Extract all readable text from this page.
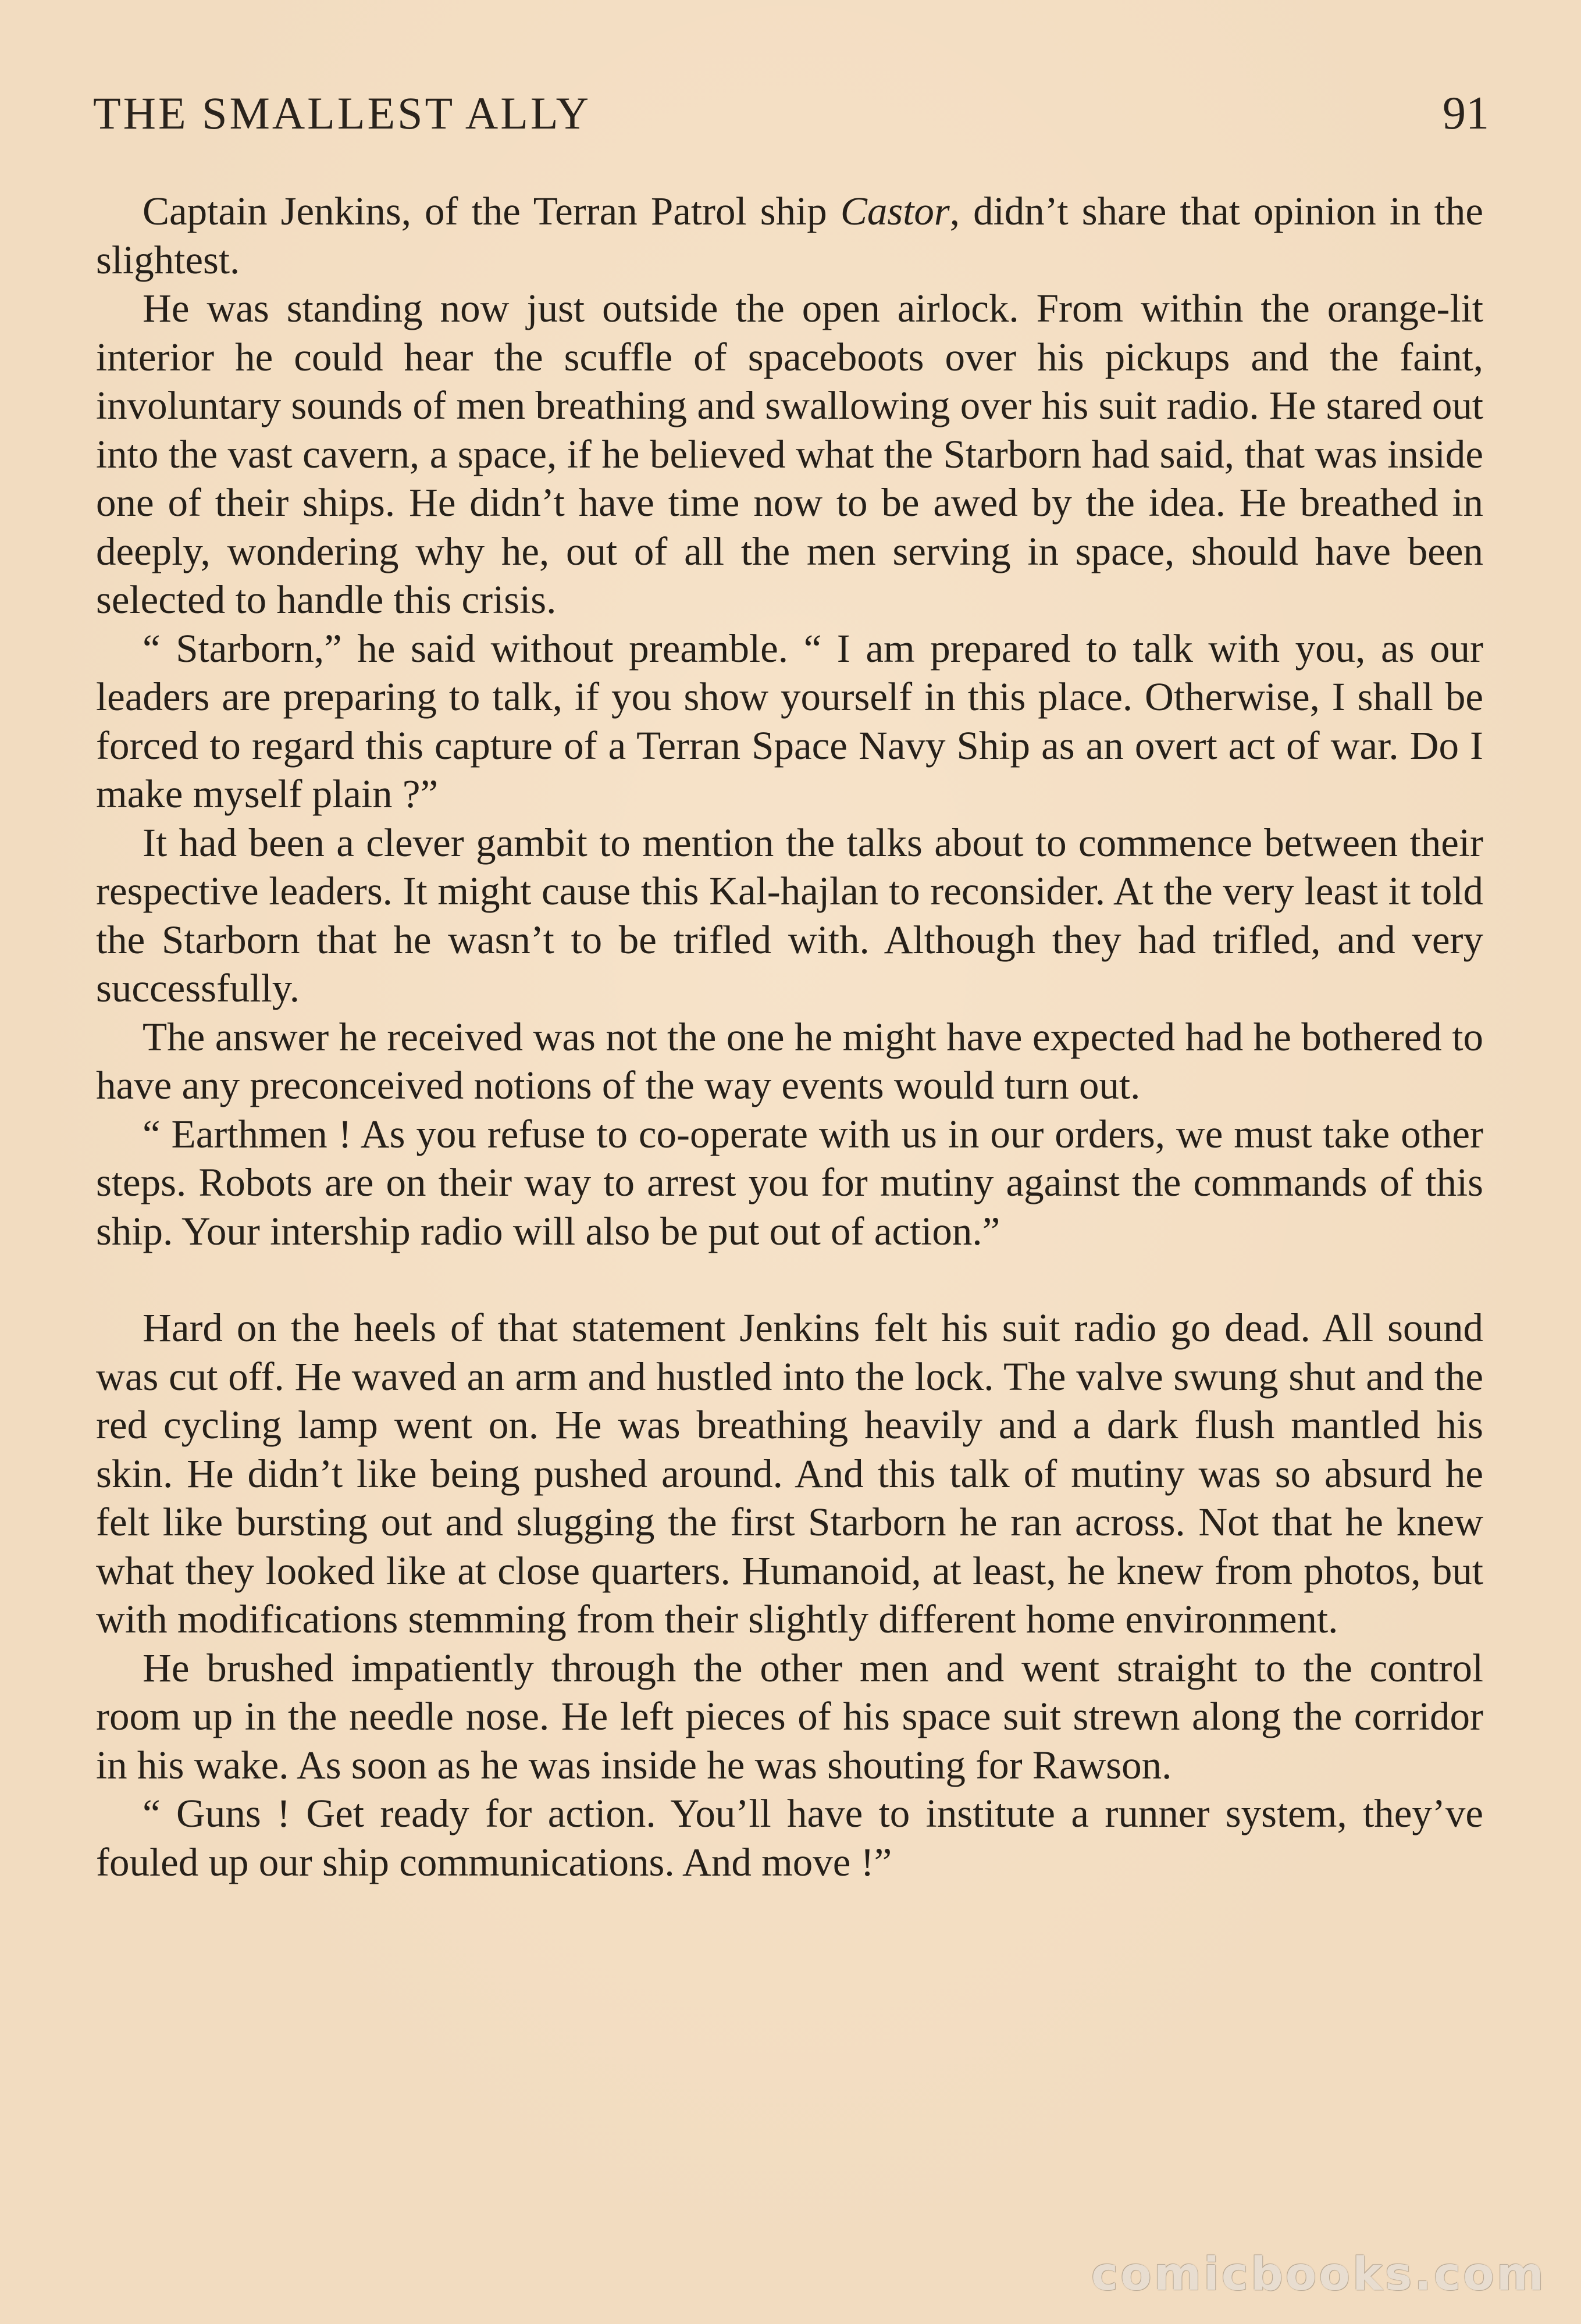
THE SMALLEST ALLY	91

Captain Jenkins, of the Terran Patrol ship Castor, didn’t share that opinion in the slightest.

He was standing now just outside the open airlock. From within the orange-lit interior he could hear the scuffle of spaceboots over his pickups and the faint, involuntary sounds of men breathing and swallowing over his suit radio. He stared out into the vast cavern, a space, if he believed what the Starborn had said, that was inside one of their ships. He didn’t have time now to be awed by the idea. He breathed in deeply, wondering why he, out of all the men serving in space, should have been selected to handle this crisis.

“ Starborn,” he said without preamble. “ I am prepared to talk with you, as our leaders are preparing to talk, if you show yourself in this place. Otherwise, I shall be forced to regard this capture of a Terran Space Navy Ship as an overt act of war. Do I make myself plain ?”

It had been a clever gambit to mention the talks about to commence between their respective leaders. It might cause this Kal-hajlan to reconsider. At the very least it told the Starborn that he wasn’t to be trifled with. Although they had trifled, and very successfully.

The answer he received was not the one he might have expected had he bothered to have any preconceived notions of the way events would turn out.

“ Earthmen ! As you refuse to co-operate with us in our orders, we must take other steps. Robots are on their way to arrest you for mutiny against the commands of this ship. Your intership radio will also be put out of action.”

Hard on the heels of that statement Jenkins felt his suit radio go dead. All sound was cut off. He waved an arm and hustled into the lock. The valve swung shut and the red cycling lamp went on. He was breathing heavily and a dark flush mantled his skin. He didn’t like being pushed around. And this talk of mutiny was so absurd he felt like bursting out and slugging the first Starborn he ran across. Not that he knew what they looked like at close quarters. Humanoid, at least, he knew from photos, but with modifications stemming from their slightly different home environment.

He brushed impatiently through the other men and went straight to the control room up in the needle nose. He left pieces of his space suit strewn along the corridor in his wake. As soon as he was inside he was shouting for Rawson.

“ Guns ! Get ready for action. You’ll have to institute a runner system, they’ve fouled up our ship communications. And move !”

comicbooks.com
